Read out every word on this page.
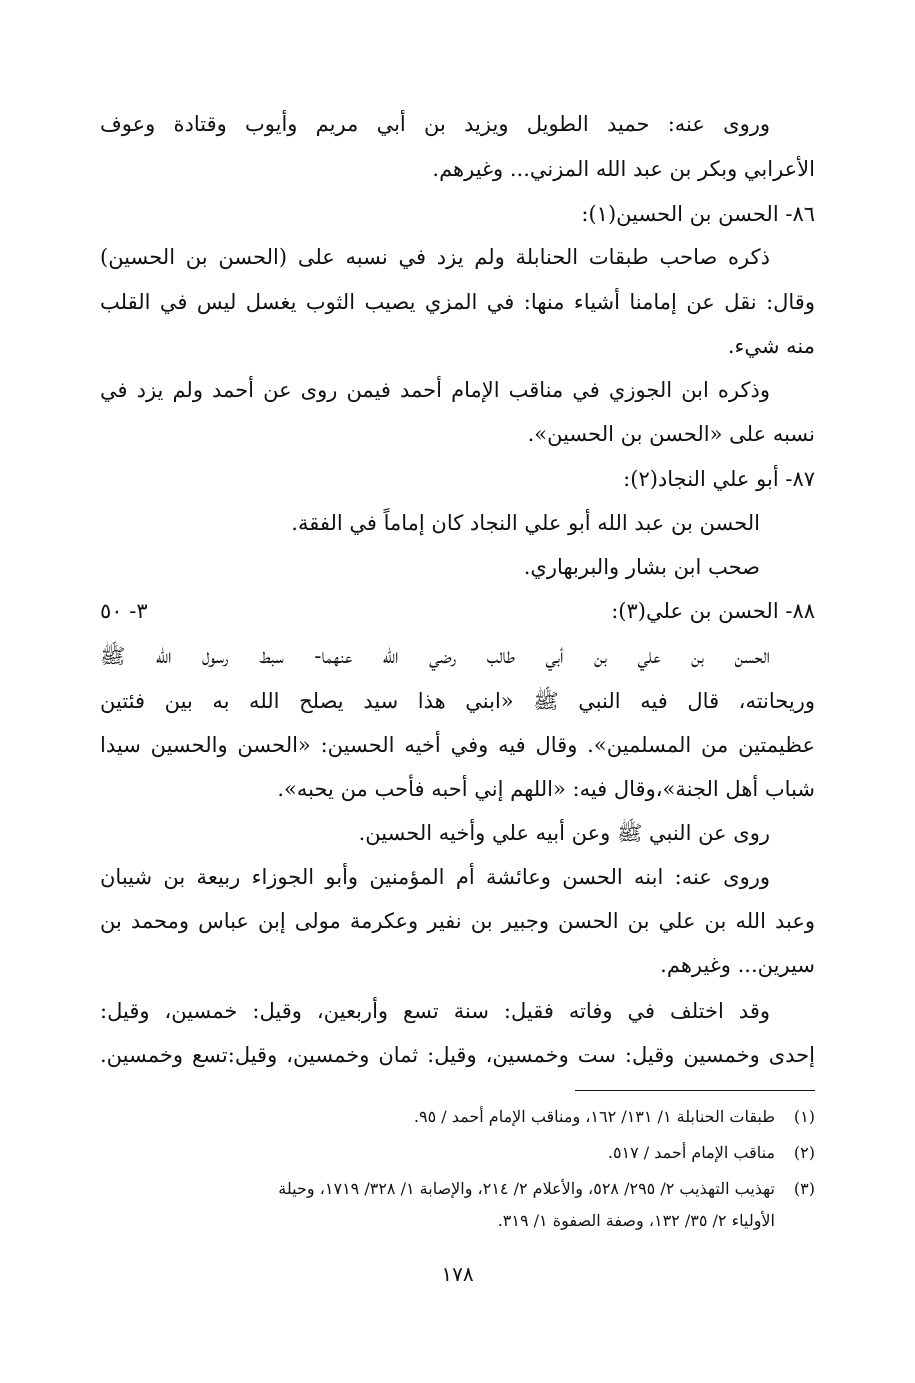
وروى عنه: حميد الطويل ويزيد بن أبي مريم وأيوب وقتادة وعوف
الأعرابي وبكر بن عبد الله المزني... وغيرهم.
٨٦- الحسن بن الحسين(١):
ذكره صاحب طبقات الحنابلة ولم يزد في نسبه على (الحسن بن الحسين)
وقال: نقل عن إمامنا أشياء منها: في المزي يصيب الثوب يغسل ليس في القلب
منه شيء.
وذكره ابن الجوزي في مناقب الإمام أحمد فيمن روى عن أحمد ولم يزد في
نسبه على «الحسن بن الحسين».
٨٧- أبو علي النجاد(٢):
الحسن بن عبد الله أبو علي النجاد كان إماماً في الفقة.
صحب ابن بشار والبربهاري.
٨٨- الحسن بن علي(٣):
٣- ٥٠
الحسن بن علي بن أبي طالب رضي الله عنهما- سبط رسول الله ﷺ
وريحانته، قال فيه النبي ﷺ «ابني هذا سيد يصلح الله به بين فئتين
عظيمتين من المسلمين». وقال فيه وفي أخيه الحسين: «الحسن والحسين سيدا
شباب أهل الجنة»،وقال فيه: «اللهم إني أحبه فأحب من يحبه».
روى عن النبي ﷺ وعن أبيه علي وأخيه الحسين.
وروى عنه: ابنه الحسن وعائشة أم المؤمنين وأبو الجوزاء ربيعة بن شيبان
وعبد الله بن علي بن الحسن وجبير بن نفير وعكرمة مولى إبن عباس ومحمد بن
سيرين... وغيرهم.
وقد اختلف في وفاته فقيل: سنة تسع وأربعين، وقيل: خمسين، وقيل:
إحدى وخمسين وقيل: ست وخمسين، وقيل: ثمان وخمسين، وقيل:تسع وخمسين.
(١)طبقات الحنابلة ١/ ١٣١/ ١٦٢، ومناقب الإمام أحمد / ٩٥.
(٢)مناقب الإمام أحمد / ٥١٧.
(٣)تهذيب التهذيب ٢/ ٢٩٥/ ٥٢٨، والأعلام ٢/ ٢١٤، والإصابة ١/ ٣٢٨/ ١٧١٩، وحيلة
الأولياء ٢/ ٣٥/ ١٣٢، وصفة الصفوة ١/ ٣١٩.
١٧٨
